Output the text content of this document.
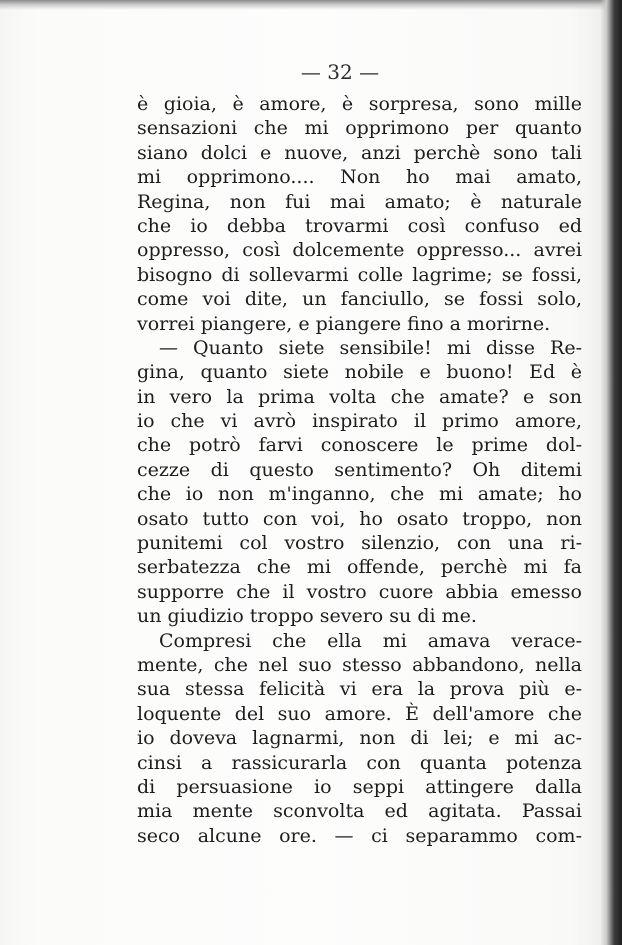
— 32 —
è gioia, è amore, è sorpresa, sono mille
sensazioni che mi opprimono per quanto
siano dolci e nuove, anzi perchè sono tali
mi opprimono.... Non ho mai amato,
Regina, non fui mai amato; è naturale
che io debba trovarmi così confuso ed
oppresso, così dolcemente oppresso... avrei
bisogno di sollevarmi colle lagrime; se fossi,
come voi dite, un fanciullo, se fossi solo,
vorrei piangere, e piangere fino a morirne.
— Quanto siete sensibile! mi disse Re-
gina, quanto siete nobile e buono! Ed è
in vero la prima volta che amate? e son
io che vi avrò inspirato il primo amore,
che potrò farvi conoscere le prime dol-
cezze di questo sentimento? Oh ditemi
che io non m'inganno, che mi amate; ho
osato tutto con voi, ho osato troppo, non
punitemi col vostro silenzio, con una ri-
serbatezza che mi offende, perchè mi fa
supporre che il vostro cuore abbia emesso
un giudizio troppo severo su di me.
Compresi che ella mi amava verace-
mente, che nel suo stesso abbandono, nella
sua stessa felicità vi era la prova più e-
loquente del suo amore. È dell'amore che
io doveva lagnarmi, non di lei; e mi ac-
cinsi a rassicurarla con quanta potenza
di persuasione io seppi attingere dalla
mia mente sconvolta ed agitata. Passai
seco alcune ore. — ci separammo com-
